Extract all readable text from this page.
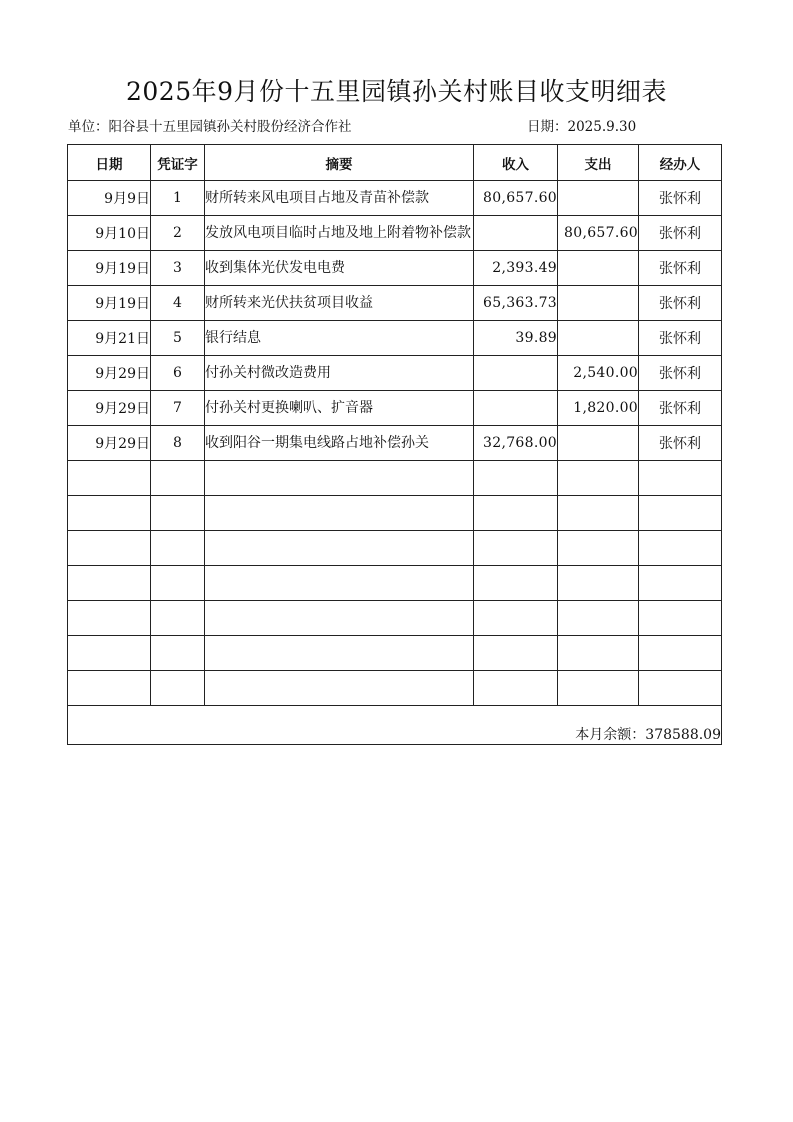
2025年9月份十五里园镇孙关村账目收支明细表
单位：阳谷县十五里园镇孙关村股份经济合作社	日期：2025.9.30
日期	凭证字	摘要	收入	支出	经办人
9月9日	1	财所转来风电项目占地及青苗补偿款	80,657.60		张怀利
9月10日	2	发放风电项目临时占地及地上附着物补偿款		80,657.60	张怀利
9月19日	3	收到集体光伏发电电费	2,393.49		张怀利
9月19日	4	财所转来光伏扶贫项目收益	65,363.73		张怀利
9月21日	5	银行结息	39.89		张怀利
9月29日	6	付孙关村微改造费用		2,540.00	张怀利
9月29日	7	付孙关村更换喇叭、扩音器		1,820.00	张怀利
9月29日	8	收到阳谷一期集电线路占地补偿孙关	32,768.00		张怀利

本月余额：378588.09					
